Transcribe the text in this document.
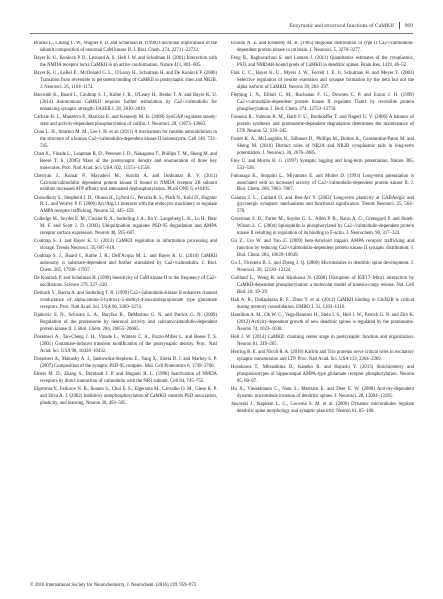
Enzymatic and structural functions of CaMKII 969

Bracke L., Chiang L. W., Wagner P. D. and Schulman H. (1999) Functional implications of the subunit composition of neuronal CaM kinase II. J. Biol. Chem. 274, 22711–22722.

Bayer K. U., Koninck P. D., Leonard A. S., Hell J. W. and Schulman H. (2001) Interaction with the NMDA receptor locks CaMKII in an active conformation. Nature 411, 801–805.

Bayer K. U., LeBel É., McDonald G. L., O'Leary H., Schulman H. and De Koninck P. (2006) Transition from reversible to persistent binding of CaMKII to postsynaptic sites and NR2B. J. Neurosci. 26, 1164–1174.

Barcomb K., Buard I., Coultrap S. J., Kulbe J. R., O'Leary H., Benke T. A. and Bayer K. U. (2014) Autonomous CaMKII requires further stimulation by Ca2+/calmodulin for enhancing synaptic strength. FASEB J. 28, 3810–3819.

Carlisle H. J., Manzerra P., Marcora E. and Kennedy M. B. (2008) SynGAP regulates steady-state and activity-dependent phosphorylation of cofilin. J. Neurosci. 28, 13673–13683.

Chao L. H., Stratton M. M., Lee I. H. et al. (2011) A mechanism for tunable autoinhibition in the structure of a human Ca2+/calmodulin-dependent kinase II holoenzyme. Cell 146, 732–745.

Chen X., Vinade L., Leapman R. D., Petersen J. D., Nakagawa T., Phillips T. M., Sheng M. and Reese T. S. (2005) Mass of the postsynaptic density and enumeration of three key molecules. Proc. Natl Acad. Sci. USA 102, 11551–11556.

Cheriyan J., Kumar P., Mayadevi M., Surolia A. and Omkumar R. V. (2011) Calcium/calmodulin dependent protein kinase II bound to NMDA receptor 2B subunit exhibits increased ATP affinity and attenuated dephosphorylation. PLoS ONE 6, e16495.

Chowdhury S., Shepherd J. D., Okuno H., Lyford G., Petralia R. S., Plath N., Kuhl D., Huganir R. L. and Worley P. F. (2006) Arc/Arg3.1 interacts with the endocytic machinery to regulate AMPA receptor trafficking. Neuron 52, 445–459.

Colledge M., Snyder E. M., Crozier R. A., Soderling J. A., Jin Y., Langeberg L. K., Lu H., Bear M. F. and Scott J. D. (2003) Ubiquitination regulates PSD-95 degradation and AMPA receptor surface expression. Neuron 40, 595–607.

Coultrap S. J. and Bayer K. U. (2012) CaMKII regulation in information processing and storage. Trends Neurosci. 35, 607–618.

Coultrap S. J., Buard I., Kulbe J. R., Dell'Acqua M. L. and Bayer K. U. (2010) CaMKII autonomy is substrate-dependent and further stimulated by Ca2+/calmodulin. J. Biol. Chem. 285, 17930–17937.

De Koninck P. and Schulman H. (1998) Sensitivity of CaM kinase II to the frequency of Ca2+ oscillations. Science 279, 227–230.

Derkach V., Barria A. and Soderling T. R. (1999) Ca2+/calmodulin-kinase II enhances channel conductance of alpha-amino-3-hydroxy-5-methyl-4-isoxazolepropionate type glutamate receptors. Proc. Natl Acad. Sci. USA 96, 3269–3274.

Djakovic S. N., Schwarz L. A., Barylko B., DeMartino G. N. and Patrick G. N. (2009) Regulation of the proteasome by neuronal activity and calcium/calmodulin-dependent protein kinase II. J. Biol. Chem. 284, 26655–26665.

Dosemeci A., Tao-Cheng J. H., Vinade L., Winters C. A., Pozzo-Miller L. and Reese T. S. (2001) Glutamate-induced transient modification of the postsynaptic density. Proc. Natl Acad. Sci. USA 98, 10428–10432.

Dosemeci A., Makusky A. J., Jankowska-Stephens E., Yang X., Slotta D. J. and Markey S. P. (2007) Composition of the synaptic PSD-95 complex. Mol. Cell Proteomics 6, 1749–1760.

Ehlers M. D., Zhang S., Bernhadt J. P. and Huganir R. L. (1996) Inactivation of NMDA receptors by direct interaction of calmodulin with the NR1 subunit. Cell 84, 745–755.

Elgersma Y., Fedorov N. B., Ikonen S., Choi E. S., Elgersma M., Carvalho O. M., Giese K. P. and Silva A. J. (2002) Inhibitory autophosphorylation of CaMKII controls PSD association, plasticity, and learning. Neuron 36, 493–505.

Erondu N. E. and Kennedy M. B. (1985) Regional distribution of type II Ca2+/calmodulin-dependent protein kinase in rat brain. J. Neurosci. 5, 3270–3277.

Feng B., Raghavachari S. and Lisman J. (2011) Quantitative estimates of the cytoplasmic, PSD, and NMDAR-bound pools of CaMKII in dendritic spines. Brain Res. 1419, 46–52.

Fink C. C., Bayer K. U., Myers J. W., Ferrell J. E. Jr, Schulman H. and Meyer T. (2003) Selective regulation of neurite extension and synapse formation by the beta but not the alpha isoform of CaMKII. Neuron 39, 283–297.

Fleming I. N., Elliott C. M., Buchanan F. G., Downes C. P. and Exton J. H. (1999) Ca2+/calmodulin-dependent protein kinase II regulates Tiam1 by reversible protein phosphorylation. J. Biol. Chem. 274, 12753–12758.

Fonseca R., Vabulas R. M., Hartl F. U., Bonhoeffer T. and Nagerl U. V. (2006) A balance of protein synthesis and proteasome-dependent degradation determines the maintenance of LTP. Neuron 52, 239–245.

Foster K. A., McLaughlin N., Edbauer D., Phillips M., Bolton A., Constantine-Paton M. and Sheng M. (2010) Distinct roles of NR2A and NR2B cytoplasmic tails in long-term potentiation. J. Neurosci. 30, 2676–2685.

Frey U. and Morris R. G. (1997) Synaptic tagging and long-term potentiation. Nature 385, 533–536.

Fukunaga K., Stoppini L., Miyamoto E. and Muller D. (1993) Long-term potentiation is associated with an increased activity of Ca2+/calmodulin-dependent protein kinase II. J. Biol. Chem. 268, 7863–7867.

Gaiarsa J. L., Caillard O. and Ben-Ari Y. (2002) Long-term plasticity at GABAergic and glycinergic synapses: mechanisms and functional significance. Trends Neurosci. 25, 564–570.

Grossman S. D., Futter M., Snyder G. L., Allen P. B., Nairn A. C., Greengard P. and Hsieh-Wilson L. C. (2004) Spinophilin is phosphorylated by Ca2+/calmodulin-dependent protein kinase II resulting in regulation of its binding to F-actin. J. Neurochem. 90, 317–324.

Gu Z., Liu W. and Yan Z. (2009) beta-Amyloid impairs AMPA receptor trafficking and function by reducing Ca2+/calmodulin-dependent protein kinase II synaptic distribution. J. Biol. Chem. 284, 10639–10649.

Gu J., Firestein B. L. and Zheng J. Q. (2008) Microtubules in dendritic spine development. J. Neurosci. 28, 12120–12124.

Guillaud L., Wong R. and Hirokawa N. (2008) Disruption of KIF17–Mint1 interaction by CaMKII-dependent phosphorylation: a molecular model of kinesin-cargo release. Nat. Cell Biol. 10, 19–29.

Halt A. R., Dallapiazza R. F., Zhou Y. et al. (2012) CaMKII binding to GluN2B is critical during memory consolidation. EMBO J. 31, 1203–1216.

Hamilton A. M., Oh W. C., Vega-Ramirez H., Stein I. S., Hell J. W., Patrick G. N. and Zito K. (2012) Activity-dependent growth of new dendritic spines is regulated by the proteasome. Neuron 74, 1023–1030.

Hell J. W. (2014) CaMKII: claiming center stage in postsynaptic function and organization. Neuron 81, 249–265.

Herring B. E. and Nicoll R. A. (2016) Kalirin and Trio proteins serve critical roles in excitatory synaptic transmission and LTP. Proc. Natl Acad. Sci. USA 113, 2264–2269.

Hosokawa T., Mitsushima D., Kaneko R. and Hayashi Y. (2015) Stoichiometry and phosphoisotypes of hippocampal AMPA-type glutamate receptor phosphorylation. Neuron 85, 60–67.

Hu X., Viesselmann C., Nam S., Merriam E. and Dent E. W. (2008) Activity-dependent dynamic microtubule invasion of dendritic spines. J. Neurosci. 28, 13094–13105.

Jaworski J., Kapitein L. C., Gouveia S. M. et al. (2009) Dynamic microtubules regulate dendritic spine morphology and synaptic plasticity. Neuron 61, 85–100.

© 2016 International Society for Neurochemistry, J. Neurochem. (2016) 139, 959–972
